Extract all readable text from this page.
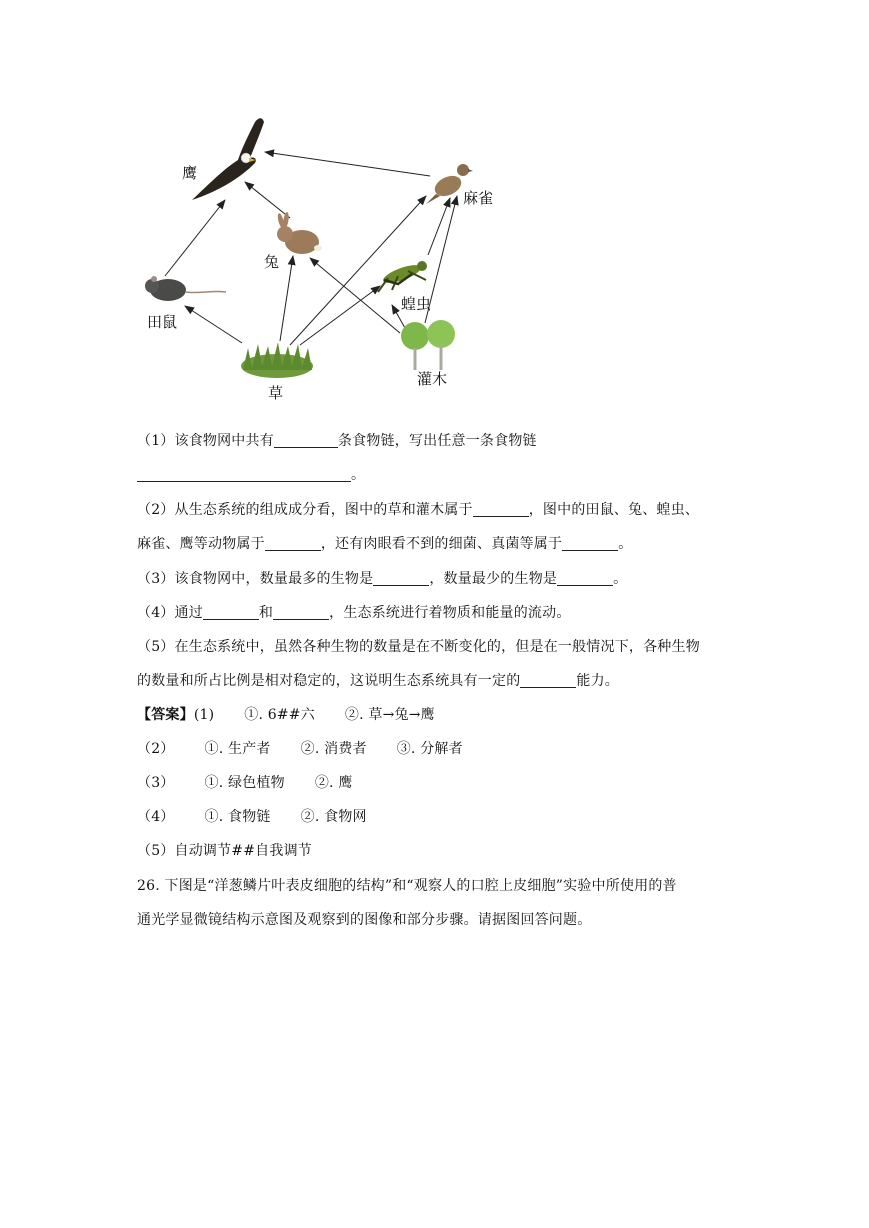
鹰
麻雀
兔
田鼠
蝗虫
草
灌木
（1）该食物网中共有	条食物链，写出任意一条食物链
。
（2）从生态系统的组成成分看，图中的草和灌木属于	，图中的田鼠、兔、蝗虫、
麻雀、鹰等动物属于	，还有肉眼看不到的细菌、真菌等属于	。
（3）该食物网中，数量最多的生物是	，数量最少的生物是	。
（4）通过	和	，生态系统进行着物质和能量的流动。
（5）在生态系统中，虽然各种生物的数量是在不断变化的，但是在一般情况下，各种生物
的数量和所占比例是相对稳定的，这说明生态系统具有一定的	能力。
【答案】(1) ①. 6##六 ②. 草→兔→鹰
（2） ①. 生产者 ②. 消费者 ③. 分解者
（3） ①. 绿色植物 ②. 鹰
（4） ①. 食物链 ②. 食物网
（5）自动调节##自我调节
26. 下图是“洋葱鳞片叶表皮细胞的结构”和“观察人的口腔上皮细胞”实验中所使用的普
通光学显微镜结构示意图及观察到的图像和部分步骤。请据图回答问题。
